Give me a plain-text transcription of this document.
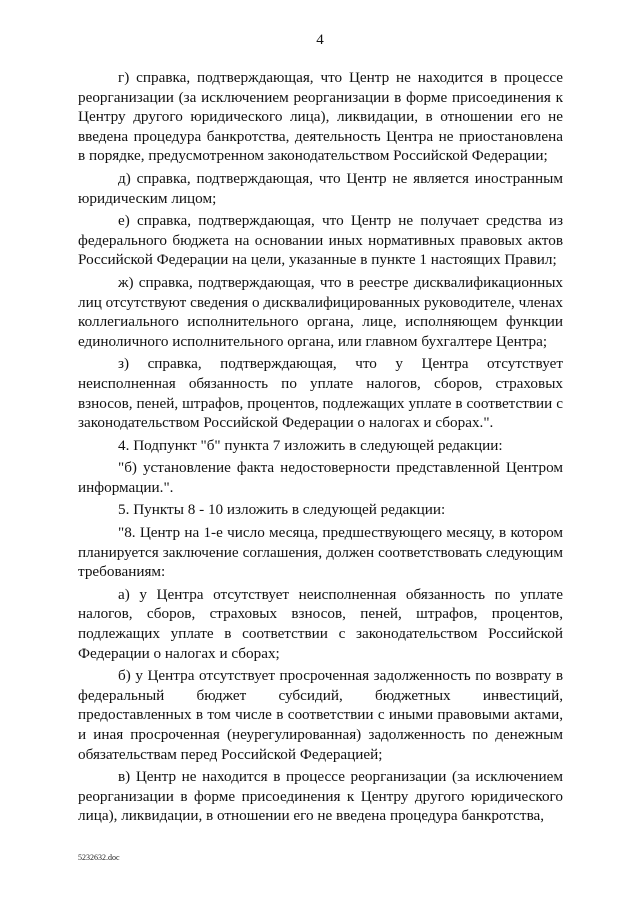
4

г) справка, подтверждающая, что Центр не находится в процессе реорганизации (за исключением реорганизации в форме присоединения к Центру другого юридического лица), ликвидации, в отношении его не введена процедура банкротства, деятельность Центра не приостановлена в порядке, предусмотренном законодательством Российской Федерации;

д) справка, подтверждающая, что Центр не является иностранным юридическим лицом;

е) справка, подтверждающая, что Центр не получает средства из федерального бюджета на основании иных нормативных правовых актов Российской Федерации на цели, указанные в пункте 1 настоящих Правил;

ж) справка, подтверждающая, что в реестре дисквалификационных лиц отсутствуют сведения о дисквалифицированных руководителе, членах коллегиального исполнительного органа, лице, исполняющем функции единоличного исполнительного органа, или главном бухгалтере Центра;

з) справка, подтверждающая, что у Центра отсутствует неисполненная обязанность по уплате налогов, сборов, страховых взносов, пеней, штрафов, процентов, подлежащих уплате в соответствии с законодательством Российской Федерации о налогах и сборах.".

4. Подпункт "б" пункта 7 изложить в следующей редакции:

"б) установление факта недостоверности представленной Центром информации.".

5. Пункты 8 - 10 изложить в следующей редакции:

"8. Центр на 1-е число месяца, предшествующего месяцу, в котором планируется заключение соглашения, должен соответствовать следующим требованиям:

а) у Центра отсутствует неисполненная обязанность по уплате налогов, сборов, страховых взносов, пеней, штрафов, процентов, подлежащих уплате в соответствии с законодательством Российской Федерации о налогах и сборах;

б) у Центра отсутствует просроченная задолженность по возврату в федеральный бюджет субсидий, бюджетных инвестиций, предоставленных в том числе в соответствии с иными правовыми актами, и иная просроченная (неурегулированная) задолженность по денежным обязательствам перед Российской Федерацией;

в) Центр не находится в процессе реорганизации (за исключением реорганизации в форме присоединения к Центру другого юридического лица), ликвидации, в отношении его не введена процедура банкротства,

5232632.doc
